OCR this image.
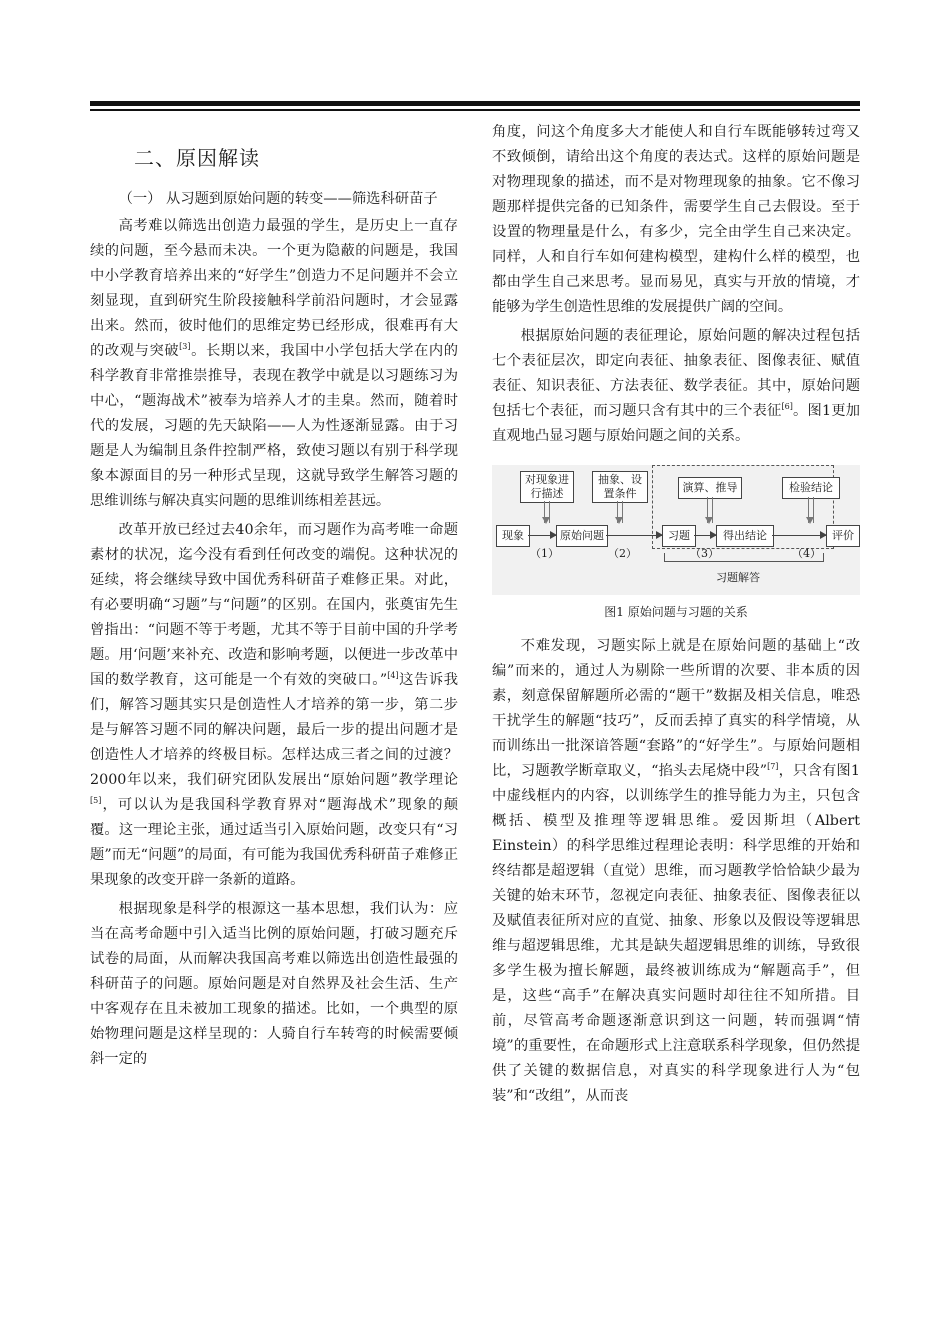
二、原因解读
（一） 从习题到原始问题的转变——筛选科研苗子

高考难以筛选出创造力最强的学生，是历史上一直存续的问题，至今悬而未决。一个更为隐蔽的问题是，我国中小学教育培养出来的“好学生”创造力不足问题并不会立刻显现，直到研究生阶段接触科学前沿问题时，才会显露出来。然而，彼时他们的思维定势已经形成，很难再有大的改观与突破[3]。长期以来，我国中小学包括大学在内的科学教育非常推崇推导，表现在教学中就是以习题练习为中心，“题海战术”被奉为培养人才的圭臬。然而，随着时代的发展，习题的先天缺陷——人为性逐渐显露。由于习题是人为编制且条件控制严格，致使习题以有别于科学现象本源面目的另一种形式呈现，这就导致学生解答习题的思维训练与解决真实问题的思维训练相差甚远。

改革开放已经过去40余年，而习题作为高考唯一命题素材的状况，迄今没有看到任何改变的端倪。这种状况的延续，将会继续导致中国优秀科研苗子难修正果。对此，有必要明确“习题”与“问题”的区别。在国内，张奠宙先生曾指出：“问题不等于考题，尤其不等于目前中国的升学考题。用‘问题’来补充、改造和影响考题，以便进一步改革中国的数学教育，这可能是一个有效的突破口。”[4]这告诉我们，解答习题其实只是创造性人才培养的第一步，第二步是与解答习题不同的解决问题，最后一步的提出问题才是创造性人才培养的终极目标。怎样达成三者之间的过渡？2000年以来，我们研究团队发展出“原始问题”教学理论[5]，可以认为是我国科学教育界对“题海战术”现象的颠覆。这一理论主张，通过适当引入原始问题，改变只有“习题”而无“问题”的局面，有可能为我国优秀科研苗子难修正果现象的改变开辟一条新的道路。

根据现象是科学的根源这一基本思想，我们认为：应当在高考命题中引入适当比例的原始问题，打破习题充斥试卷的局面，从而解决我国高考难以筛选出创造性最强的科研苗子的问题。原始问题是对自然界及社会生活、生产中客观存在且未被加工现象的描述。比如，一个典型的原始物理问题是这样呈现的：人骑自行车转弯的时候需要倾斜一定的

角度，问这个角度多大才能使人和自行车既能够转过弯又不致倾倒，请给出这个角度的表达式。这样的原始问题是对物理现象的描述，而不是对物理现象的抽象。它不像习题那样提供完备的已知条件，需要学生自己去假设。至于设置的物理量是什么，有多少，完全由学生自己来决定。同样，人和自行车如何建构模型，建构什么样的模型，也都由学生自己来思考。显而易见，真实与开放的情境，才能够为学生创造性思维的发展提供广阔的空间。

根据原始问题的表征理论，原始问题的解决过程包括七个表征层次，即定向表征、抽象表征、图像表征、赋值表征、知识表征、方法表征、数学表征。其中，原始问题包括七个表征，而习题只含有其中的三个表征[6]。图1更加直观地凸显习题与原始问题之间的关系。

对现象进行描述
抽象、设置条件	演算、推导	检验结论
现象	原始问题	习题	得出结论	评价
（1）	（2）	（3）	（4）
习题解答
图1 原始问题与习题的关系

不难发现，习题实际上就是在原始问题的基础上“改编”而来的，通过人为剔除一些所谓的次要、非本质的因素，刻意保留解题所必需的“题干”数据及相关信息，唯恐干扰学生的解题“技巧”，反而丢掉了真实的科学情境，从而训练出一批深谙答题“套路”的“好学生”。与原始问题相比，习题教学断章取义，“掐头去尾烧中段”[7]，只含有图1中虚线框内的内容，以训练学生的推导能力为主，只包含概括、模型及推理等逻辑思维。爱因斯坦（Albert Einstein）的科学思维过程理论表明：科学思维的开始和终结都是超逻辑（直觉）思维，而习题教学恰恰缺少最为关键的始末环节，忽视定向表征、抽象表征、图像表征以及赋值表征所对应的直觉、抽象、形象以及假设等逻辑思维与超逻辑思维，尤其是缺失超逻辑思维的训练，导致很多学生极为擅长解题，最终被训练成为“解题高手”，但是，这些“高手”在解决真实问题时却往往不知所措。目前，尽管高考命题逐渐意识到这一问题，转而强调“情境”的重要性，在命题形式上注意联系科学现象，但仍然提供了关键的数据信息，对真实的科学现象进行人为“包装”和“改组”，从而丧
